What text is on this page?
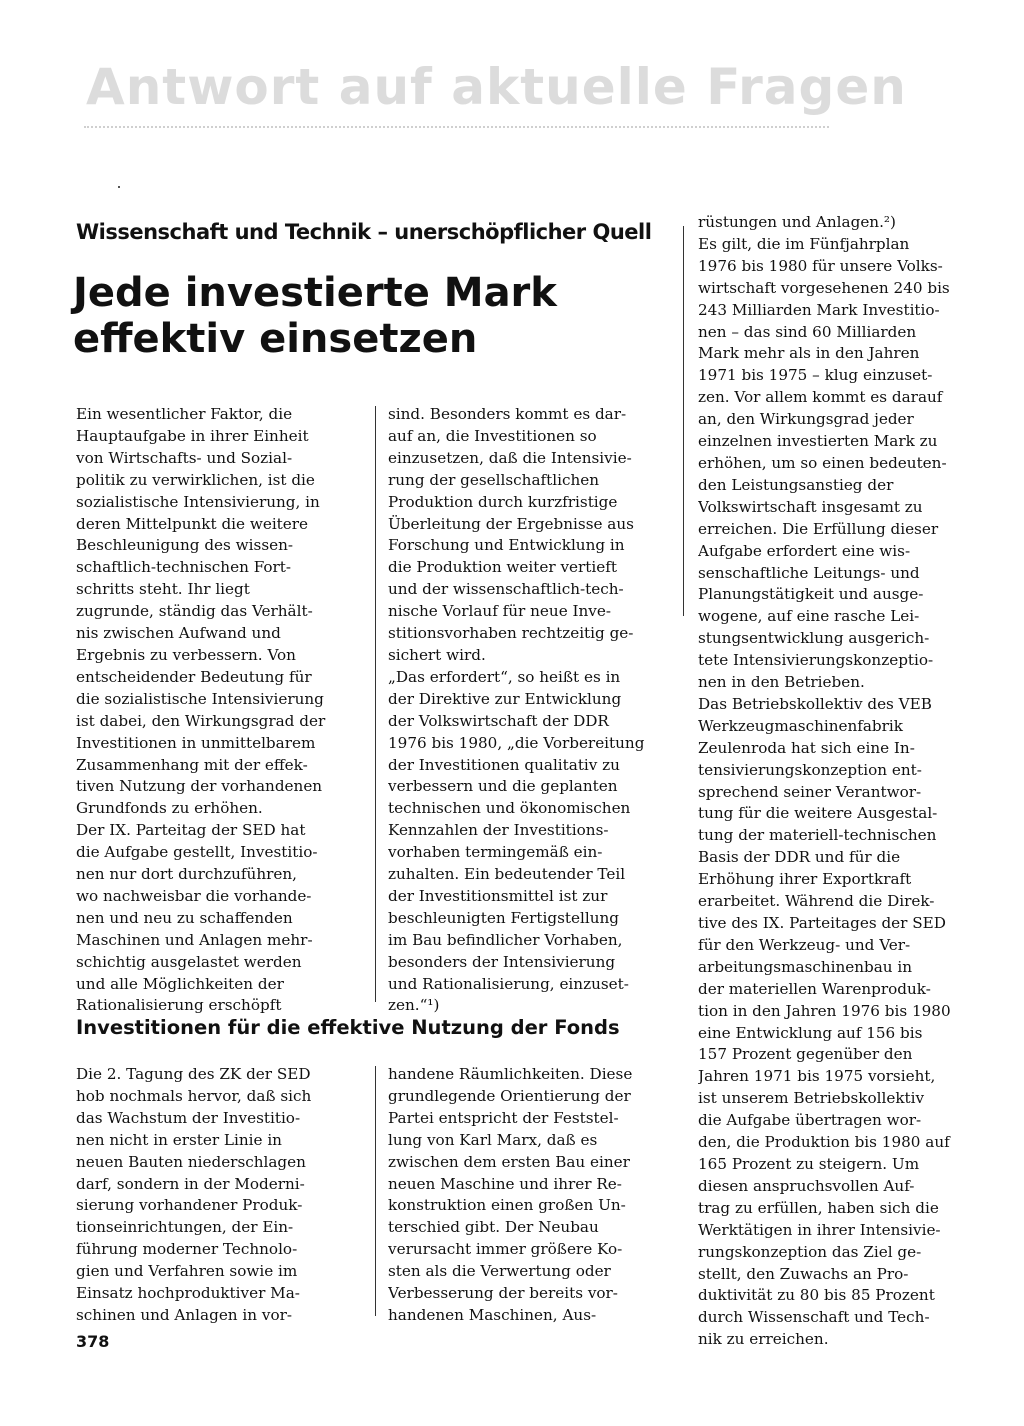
Antwort auf aktuelle Fragen
Wissenschaft und Technik – unerschöpflicher Quell
Jede investierte Mark
effektiv einsetzen
Ein wesentlicher Faktor, die
Hauptaufgabe in ihrer Einheit
von Wirtschafts- und Sozial-
politik zu verwirklichen, ist die
sozialistische Intensivierung, in
deren Mittelpunkt die weitere
Beschleunigung des wissen-
schaftlich-technischen Fort-
schritts steht. Ihr liegt
zugrunde, ständig das Verhält-
nis zwischen Aufwand und
Ergebnis zu verbessern. Von
entscheidender Bedeutung für
die sozialistische Intensivierung
ist dabei, den Wirkungsgrad der
Investitionen in unmittelbarem
Zusammenhang mit der effek-
tiven Nutzung der vorhandenen
Grundfonds zu erhöhen.
Der IX. Parteitag der SED hat
die Aufgabe gestellt, Investitio-
nen nur dort durchzuführen,
wo nachweisbar die vorhande-
nen und neu zu schaffenden
Maschinen und Anlagen mehr-
schichtig ausgelastet werden
und alle Möglichkeiten der
Rationalisierung erschöpft
sind. Besonders kommt es dar-
auf an, die Investitionen so
einzusetzen, daß die Intensivie-
rung der gesellschaftlichen
Produktion durch kurzfristige
Überleitung der Ergebnisse aus
Forschung und Entwicklung in
die Produktion weiter vertieft
und der wissenschaftlich-tech-
nische Vorlauf für neue Inve-
stitionsvorhaben rechtzeitig ge-
sichert wird.
„Das erfordert“, so heißt es in
der Direktive zur Entwicklung
der Volkswirtschaft der DDR
1976 bis 1980, „die Vorbereitung
der Investitionen qualitativ zu
verbessern und die geplanten
technischen und ökonomischen
Kennzahlen der Investitions-
vorhaben termingemäß ein-
zuhalten. Ein bedeutender Teil
der Investitionsmittel ist zur
beschleunigten Fertigstellung
im Bau befindlicher Vorhaben,
besonders der Intensivierung
und Rationalisierung, einzuset-
zen.“¹)
Investitionen für die effektive Nutzung der Fonds
Die 2. Tagung des ZK der SED
hob nochmals hervor, daß sich
das Wachstum der Investitio-
nen nicht in erster Linie in
neuen Bauten niederschlagen
darf, sondern in der Moderni-
sierung vorhandener Produk-
tionseinrichtungen, der Ein-
führung moderner Technolo-
gien und Verfahren sowie im
Einsatz hochproduktiver Ma-
schinen und Anlagen in vor-
handene Räumlichkeiten. Diese
grundlegende Orientierung der
Partei entspricht der Feststel-
lung von Karl Marx, daß es
zwischen dem ersten Bau einer
neuen Maschine und ihrer Re-
konstruktion einen großen Un-
terschied gibt. Der Neubau
verursacht immer größere Ko-
sten als die Verwertung oder
Verbesserung der bereits vor-
handenen Maschinen, Aus-
rüstungen und Anlagen.²)
Es gilt, die im Fünfjahrplan
1976 bis 1980 für unsere Volks-
wirtschaft vorgesehenen 240 bis
243 Milliarden Mark Investitio-
nen – das sind 60 Milliarden
Mark mehr als in den Jahren
1971 bis 1975 – klug einzuset-
zen. Vor allem kommt es darauf
an, den Wirkungsgrad jeder
einzelnen investierten Mark zu
erhöhen, um so einen bedeuten-
den Leistungsanstieg der
Volkswirtschaft insgesamt zu
erreichen. Die Erfüllung dieser
Aufgabe erfordert eine wis-
senschaftliche Leitungs- und
Planungstätigkeit und ausge-
wogene, auf eine rasche Lei-
stungsentwicklung ausgerich-
tete Intensivierungskonzeptio-
nen in den Betrieben.
Das Betriebskollektiv des VEB
Werkzeugmaschinenfabrik
Zeulenroda hat sich eine In-
tensivierungskonzeption ent-
sprechend seiner Verantwor-
tung für die weitere Ausgestal-
tung der materiell-technischen
Basis der DDR und für die
Erhöhung ihrer Exportkraft
erarbeitet. Während die Direk-
tive des IX. Parteitages der SED
für den Werkzeug- und Ver-
arbeitungsmaschinenbau in
der materiellen Warenproduk-
tion in den Jahren 1976 bis 1980
eine Entwicklung auf 156 bis
157 Prozent gegenüber den
Jahren 1971 bis 1975 vorsieht,
ist unserem Betriebskollektiv
die Aufgabe übertragen wor-
den, die Produktion bis 1980 auf
165 Prozent zu steigern. Um
diesen anspruchsvollen Auf-
trag zu erfüllen, haben sich die
Werktätigen in ihrer Intensivie-
rungskonzeption das Ziel ge-
stellt, den Zuwachs an Pro-
duktivität zu 80 bis 85 Prozent
durch Wissenschaft und Tech-
nik zu erreichen.
378
